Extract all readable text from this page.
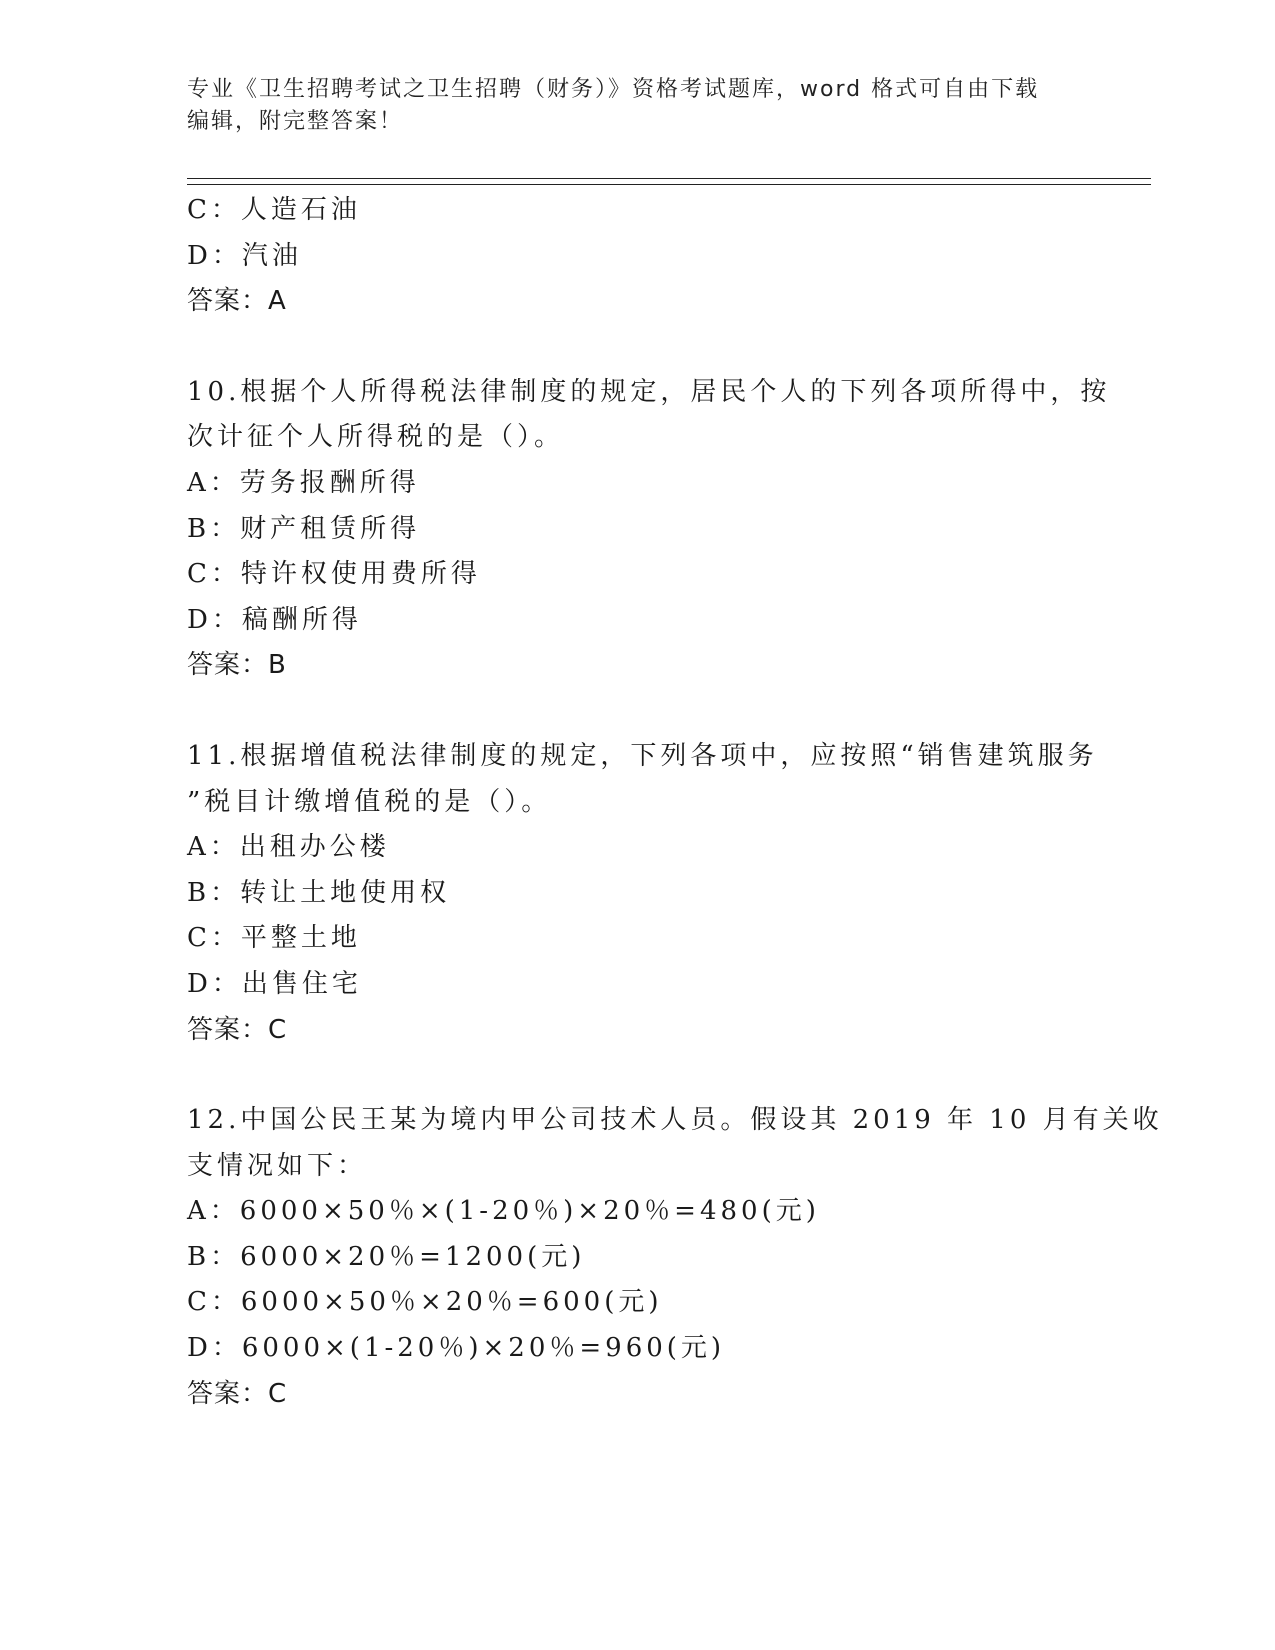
专业《卫生招聘考试之卫生招聘（财务）》资格考试题库，word 格式可自由下载
编辑，附完整答案！
C：人造石油
D：汽油
答案：A
10.根据个人所得税法律制度的规定，居民个人的下列各项所得中，按
次计征个人所得税的是（）。
A：劳务报酬所得
B：财产租赁所得
C：特许权使用费所得
D：稿酬所得
答案：B
11.根据增值税法律制度的规定，下列各项中，应按照“销售建筑服务
”税目计缴增值税的是（）。
A：出租办公楼
B：转让土地使用权
C：平整土地
D：出售住宅
答案：C
12.中国公民王某为境内甲公司技术人员。假设其 2019 年 10 月有关收
支情况如下：
A：6000×50％×(1-20％)×20％=480(元)
B：6000×20％=1200(元)
C：6000×50％×20％=600(元)
D：6000×(1-20％)×20％=960(元)
答案：C
